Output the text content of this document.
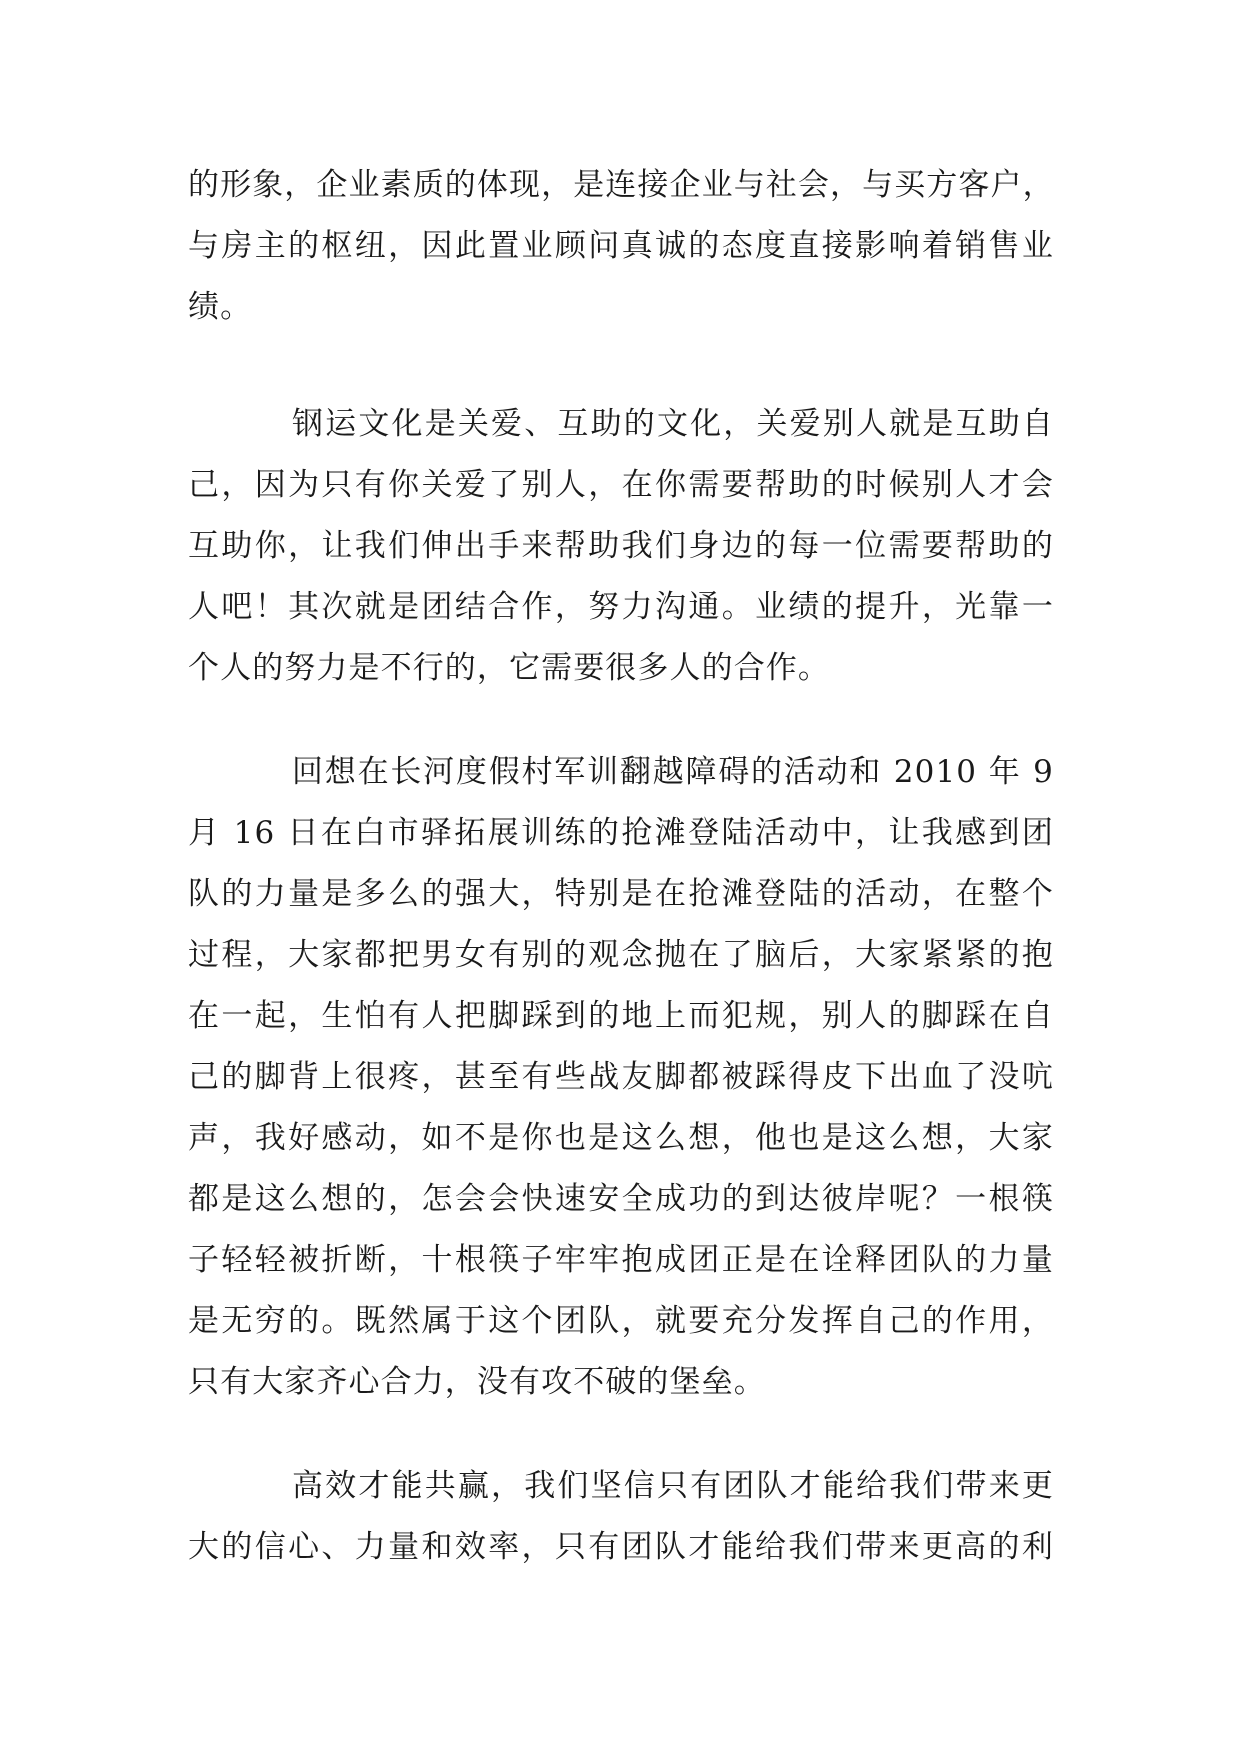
的形象，企业素质的体现，是连接企业与社会，与买方客户，
与房主的枢纽，因此置业顾问真诚的态度直接影响着销售业
绩。
钢运文化是关爱、互助的文化，关爱别人就是互助自
己，因为只有你关爱了别人，在你需要帮助的时候别人才会
互助你，让我们伸出手来帮助我们身边的每一位需要帮助的
人吧！其次就是团结合作，努力沟通。业绩的提升，光靠一
个人的努力是不行的，它需要很多人的合作。
回想在长河度假村军训翻越障碍的活动和 2010 年 9
月 16 日在白市驿拓展训练的抢滩登陆活动中，让我感到团
队的力量是多么的强大，特别是在抢滩登陆的活动，在整个
过程，大家都把男女有别的观念抛在了脑后，大家紧紧的抱
在一起，生怕有人把脚踩到的地上而犯规，别人的脚踩在自
己的脚背上很疼，甚至有些战友脚都被踩得皮下出血了没吭
声，我好感动，如不是你也是这么想，他也是这么想，大家
都是这么想的，怎会会快速安全成功的到达彼岸呢？一根筷
子轻轻被折断，十根筷子牢牢抱成团正是在诠释团队的力量
是无穷的。既然属于这个团队，就要充分发挥自己的作用，
只有大家齐心合力，没有攻不破的堡垒。
高效才能共赢，我们坚信只有团队才能给我们带来更
大的信心、力量和效率，只有团队才能给我们带来更高的利
